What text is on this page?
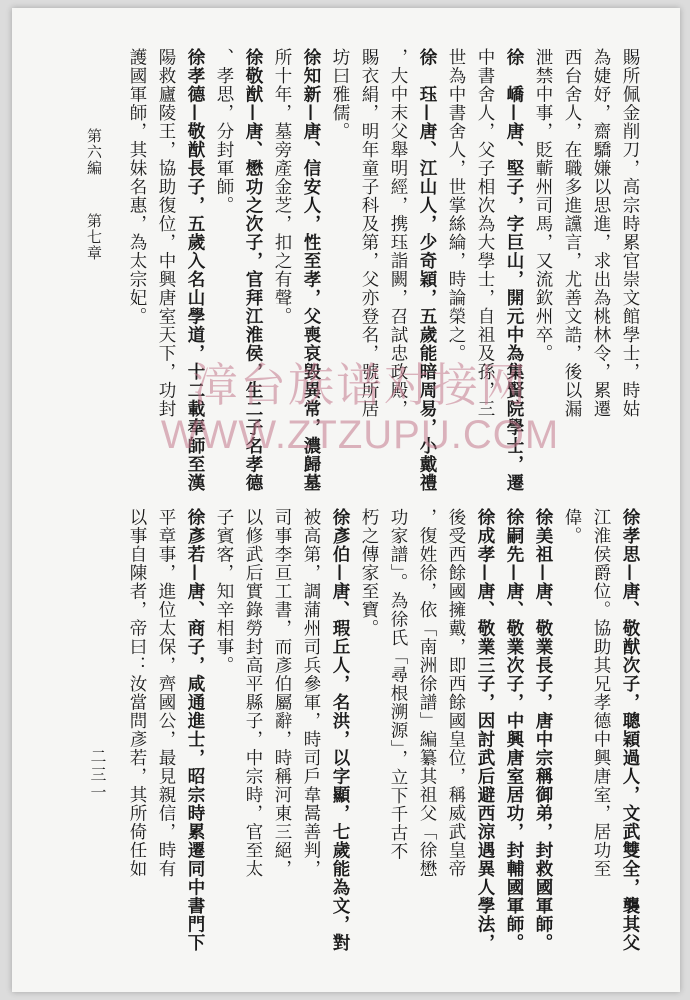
賜所佩金削刀，高宗時累官崇文館學士，時姑
為婕妤，齋驕嫌以思進，求出為桃林令，累遷
西台舍人，在職多進讜言，尤善文誥，後以漏
泄禁中事，貶蘄州司馬，又流欽州卒。
徐　嶠—唐、堅子，字巨山，開元中為集賢院學士，遷
中書舍人，父子相次為大學士，自祖及孫，三
世為中書舍人，世掌絲綸，時論榮之。
徐　珏—唐、江山人，少奇穎，五歲能暗周易，小戴禮
，大中末父舉明經，携珏詣闕，召試忠政殿，
賜衣絹，明年童子科及第，父亦登名，號所居
坊曰雅儒。
徐知新—唐、信安人，性至孝，父喪哀毀異常，濃歸墓
所十年，墓旁產金芝，扣之有聲。
徐敬猷—唐、懋功之次子，官拜江淮侯，生二子名孝德
、孝思，分封軍師。
徐孝德—敬猷長子，五歲入名山學道，十二載奉師至漢
陽救廬陵王，協助復位，中興唐室天下，功封
護國軍師，其妹名惠，為太宗妃。
徐孝思—唐、敬猷次子，聰穎過人，文武雙全，襲其父
江淮侯爵位。協助其兄孝德中興唐室，居功至
偉。
徐美祖—唐、敬業長子，唐中宗稱御弟，封救國軍師。
徐嗣先—唐、敬業次子，中興唐室居功，封輔國軍師。
徐成孝—唐、敬業三子，因討武后避西涼遇異人學法，
後受西餘國擁戴，即西餘國皇位，稱威武皇帝
，復姓徐，依「南洲徐譜」編纂其祖父「徐懋
功家譜」。為徐氏「尋根溯源」，立下千古不
朽之傳家至寶。
徐彥伯—唐、瑕丘人，名洪，以字顯，七歲能為文，對
被高第，調蒲州司兵參軍，時司戶韋暠善判，
司事李亘工書，而彥伯屬辭，時稱河東三絕，
以修武后實錄勞封高平縣子，中宗時，官至太
子賓客，知辛相事。
徐彥若—唐、商子，咸通進士，昭宗時累遷同中書門下
平章事，進位太保，齊國公，最見親信，時有
以事自陳者，帝曰：汝當問彥若，其所倚任如
第六編
第七章
二三一
漳台族谱对接网
WWW.ZTZUPU.COM
